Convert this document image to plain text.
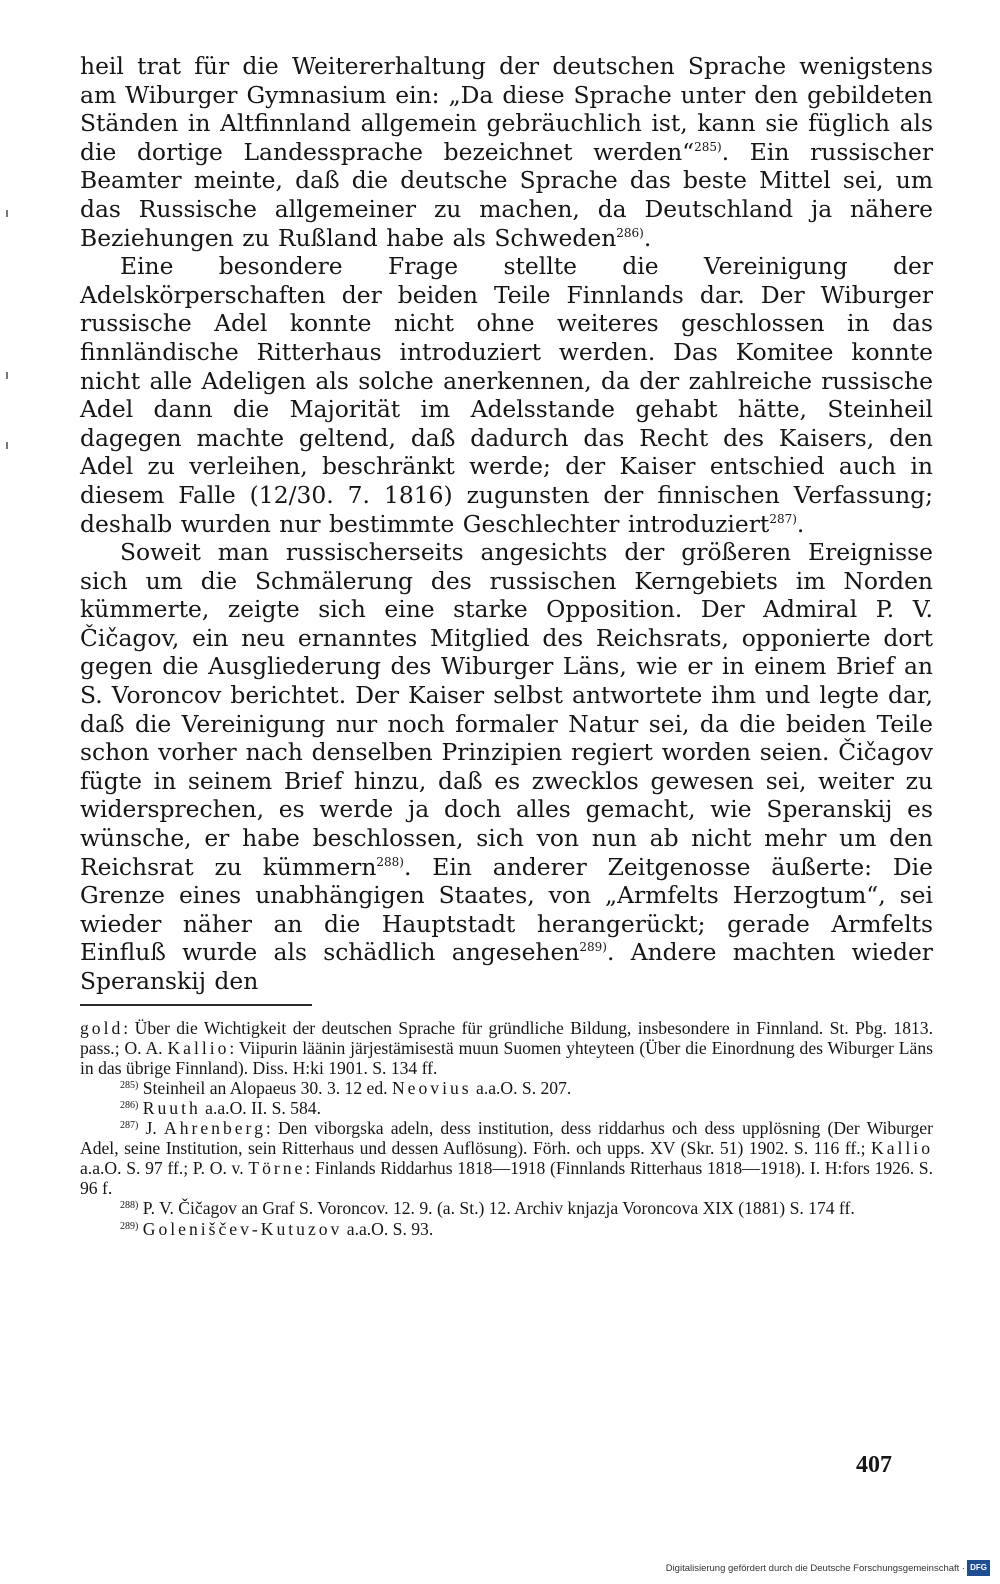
heil trat für die Weitererhaltung der deutschen Sprache wenigstens am Wiburger Gymnasium ein: „Da diese Sprache unter den gebildeten Ständen in Altfinnland allgemein gebräuchlich ist, kann sie füglich als die dortige Landessprache bezeichnet werden“$^{285)}$. Ein russischer Beamter meinte, daß die deutsche Sprache das beste Mittel sei, um das Russische allgemeiner zu machen, da Deutschland ja nähere Beziehungen zu Rußland habe als Schweden$^{286)}$.

Eine besondere Frage stellte die Vereinigung der Adelskörperschaften der beiden Teile Finnlands dar. Der Wiburger russische Adel konnte nicht ohne weiteres geschlossen in das finnländische Ritterhaus introduziert werden. Das Komitee konnte nicht alle Adeligen als solche anerkennen, da der zahlreiche russische Adel dann die Majorität im Adelsstande gehabt hätte, Steinheil dagegen machte geltend, daß dadurch das Recht des Kaisers, den Adel zu verleihen, beschränkt werde; der Kaiser entschied auch in diesem Falle (12/30. 7. 1816) zugunsten der finnischen Verfassung; deshalb wurden nur bestimmte Geschlechter introduziert$^{287)}$.

Soweit man russischerseits angesichts der größeren Ereignisse sich um die Schmälerung des russischen Kerngebiets im Norden kümmerte, zeigte sich eine starke Opposition. Der Admiral P. V. Čičagov, ein neu ernanntes Mitglied des Reichsrats, opponierte dort gegen die Ausgliederung des Wiburger Läns, wie er in einem Brief an S. Voroncov berichtet. Der Kaiser selbst antwortete ihm und legte dar, daß die Vereinigung nur noch formaler Natur sei, da die beiden Teile schon vorher nach denselben Prinzipien regiert worden seien. Čičagov fügte in seinem Brief hinzu, daß es zwecklos gewesen sei, weiter zu widersprechen, es werde ja doch alles gemacht, wie Speranskij es wünsche, er habe beschlossen, sich von nun ab nicht mehr um den Reichsrat zu kümmern$^{288)}$. Ein anderer Zeitgenosse äußerte: Die Grenze eines unabhängigen Staates, von „Armfelts Herzogtum“, sei wieder näher an die Hauptstadt herangerückt; gerade Armfelts Einfluß wurde als schädlich angesehen$^{289)}$. Andere machten wieder Speranskij den

gold: Über die Wichtigkeit der deutschen Sprache für gründliche Bildung, insbesondere in Finnland. St. Pbg. 1813. pass.; O. A. Kallio: Viipurin läänin järjestämisestä muun Suomen yhteyteen (Über die Einordnung des Wiburger Läns in das übrige Finnland). Diss. H:ki 1901. S. 134 ff.

$^{285)}$ Steinheil an Alopaeus 30. 3. 12 ed. Neovius a.a.O. S. 207.

$^{286)}$ Ruuth a.a.O. II. S. 584.

$^{287)}$ J. Ahrenberg: Den viborgska adeln, dess institution, dess riddarhus och dess upplösning (Der Wiburger Adel, seine Institution, sein Ritterhaus und dessen Auflösung). Förh. och upps. XV (Skr. 51) 1902. S. 116 ff.; Kallio a.a.O. S. 97 ff.; P. O. v. Törne: Finlands Riddarhus 1818—1918 (Finnlands Ritterhaus 1818—1918). I. H:fors 1926. S. 96 f.

$^{288)}$ P. V. Čičagov an Graf S. Voroncov. 12. 9. (a. St.) 12. Archiv knjazja Voroncova XIX (1881) S. 174 ff.

$^{289)}$ Goleniščev-Kutuzov a.a.O. S. 93.

407
Digitalisierung gefördert durch die Deutsche Forschungsgemeinschaft · DFG
